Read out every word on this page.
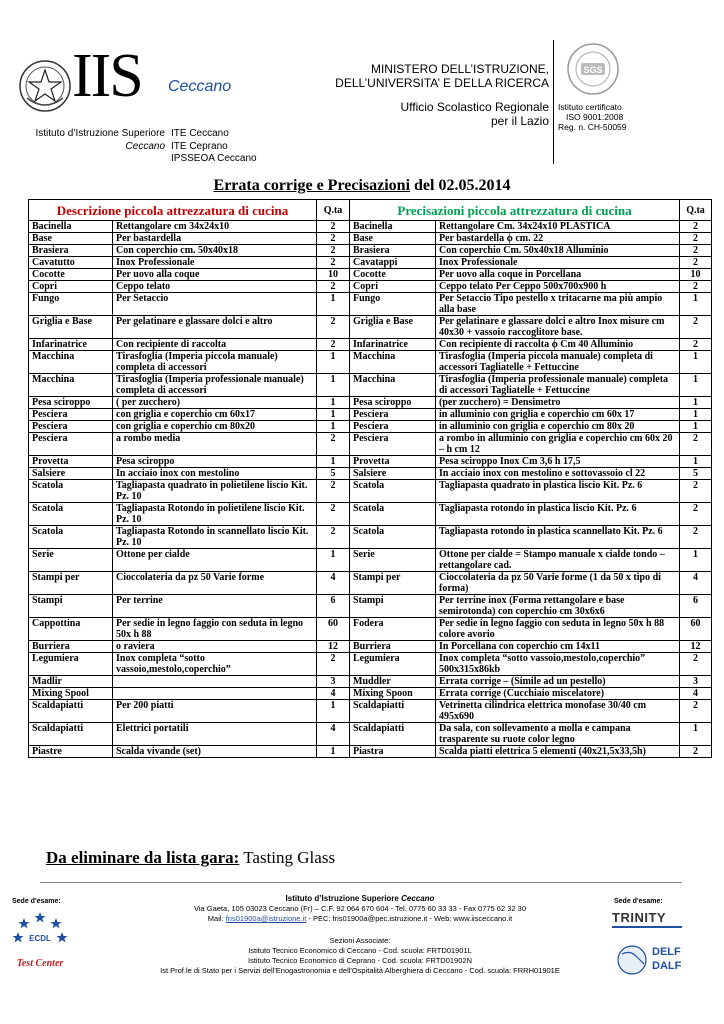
IIS Ceccano
Istituto d’Istruzione Superiore ITE Ceccano
Ceccano ITE Ceprano
IPSSEOA Ceccano
MINISTERO DELL’ISTRUZIONE,
DELL’UNIVERSITA’ E DELLA RICERCA
Ufficio Scolastico Regionale
per il Lazio
SGS
Istituto certificato
ISO 9001:2008
Reg. n. CH-50059
Errata corrige e Precisazioni del 02.05.2014
Descrizione piccola attrezzatura di cucina		Q.ta	Precisazioni piccola attrezzatura di cucina		Q.ta
Bacinella	Rettangolare cm 34x24x10	2	Bacinella	Rettangolare Cm. 34x24x10 PLASTICA	2
Base	Per bastardella	2	Base	Per bastardella ϕ cm. 22	2
Brasiera	Con coperchio cm. 50x40x18	2	Brasiera	Con coperchio Cm. 50x40x18 Alluminio	2
Cavatutto	Inox Professionale	2	Cavatappi	Inox Professionale	2
Cocotte	Per uovo alla coque	10	Cocotte	Per uovo alla coque in Porcellana	10
Copri	Ceppo telato	2	Copri	Ceppo telato Per Ceppo 500x700x900 h	2
Fungo	Per Setaccio	1	Fungo	Per Setaccio Tipo pestello x tritacarne ma più ampio alla base	1
Griglia e Base	Per gelatinare e glassare dolci e altro	2	Griglia e Base	Per gelatinare e glassare dolci e altro Inox misure cm 40x30 + vassoio raccoglitore base.	2
Infarinatrice	Con recipiente di raccolta	2	Infarinatrice	Con recipiente di raccolta ϕ Cm 40 Alluminio	2
Macchina	Tirasfoglia (Imperia piccola manuale) completa di accessori	1	Macchina	Tirasfoglia (Imperia piccola manuale) completa di accessori Tagliatelle + Fettuccine	1
Macchina	Tirasfoglia (Imperia professionale manuale) completa di accessori	1	Macchina	Tirasfoglia (Imperia professionale manuale) completa di accessori Tagliatelle + Fettuccine	1
Pesa sciroppo	( per zucchero)	1	Pesa sciroppo	(per zucchero) = Densimetro	1
Pesciera	con griglia e coperchio cm 60x17	1	Pesciera	in alluminio con griglia e coperchio cm 60x 17	1
Pesciera	con griglia e coperchio cm 80x20	1	Pesciera	in alluminio con griglia e coperchio cm 80x 20	1
Pesciera	a rombo media	2	Pesciera	a rombo in alluminio con griglia e coperchio cm 60x 20 – h cm 12	2
Provetta	Pesa sciroppo	1	Provetta	Pesa sciroppo Inox Cm 3,6 h 17,5	1
Salsiere	In acciaio inox con mestolino	5	Salsiere	In acciaio inox con mestolino e sottovassoio cl 22	5
Scatola	Tagliapasta quadrato in polietilene liscio Kit. Pz. 10	2	Scatola	Tagliapasta quadrato in plastica liscio Kit. Pz. 6	2
Scatola	Tagliapasta Rotondo in polietilene liscio Kit. Pz. 10	2	Scatola	Tagliapasta rotondo in plastica liscio Kit. Pz. 6	2
Scatola	Tagliapasta Rotondo in scannellato liscio Kit. Pz. 10	2	Scatola	Tagliapasta rotondo in plastica scannellato Kit. Pz. 6	2
Serie	Ottone per cialde	1	Serie	Ottone per cialde = Stampo manuale x cialde tondo – rettangolare cad.	1
Stampi per	Cioccolateria da pz 50 Varie forme	4	Stampi per	Cioccolateria da pz 50 Varie forme (1 da 50 x tipo di forma)	4
Stampi	Per terrine	6	Stampi	Per terrine inox (Forma rettangolare e base semirotonda) con coperchio cm 30x6x6	6
Cappottina	Per sedie in legno faggio con seduta in legno 50x h 88	60	Fodera	Per sedie in legno faggio con seduta in legno 50x h 88 colore avorio	60
Burriera	o raviera	12	Burriera	In Porcellana con coperchio cm 14x11	12
Legumiera	Inox completa “sotto vassoio,mestolo,coperchio”	2	Legumiera	Inox completa “sotto vassoio,mestolo,coperchio” 500x315x86kb	2
Madlir		3	Muddler	Errata corrige – (Simile ad un pestello)	3
Mixing Spool		4	Mixing Spoon	Errata corrige (Cucchiaio miscelatore)	4
Scaldapiatti	Per 200 piatti	1	Scaldapiatti	Vetrinetta cilindrica elettrica monofase 30/40 cm 495x690	2
Scaldapiatti	Elettrici portatili	4	Scaldapiatti	Da sala, con sollevamento a molla e campana trasparente su ruote color legno	1
Piastre	Scalda vivande (set)	1	Piastra	Scalda piatti elettrica 5 elementi (40x21,5x33,5h)	2
Da eliminare da lista gara: Tasting Glass
Sede d'esame:	Sede d'esame:
ECDL
Test Center
TRINITY
DELF
DALF
Istituto d’Istruzione Superiore Ceccano
Via Gaeta, 105 03023 Ceccano (Fr) – C.F. 92 064 670 604 - Tel. 0775 60 33 33 - Fax 0775 62 32 30
Mail: fris01900a@istruzione.it - PEC: fris01900a@pec.istruzione.it - Web: www.iisceccano.it
Sezioni Associate:
Istituto Tecnico Economico di Ceccano - Cod. scuola: FRTD01901L
Istituto Tecnico Economico di Ceprano - Cod. scuola: FRTD01902N
Ist.Prof.le di Stato per i Servizi dell'Enogastronomia e dell'Ospitalità Alberghiera di Ceccano - Cod. scuola: FRRH01901E
